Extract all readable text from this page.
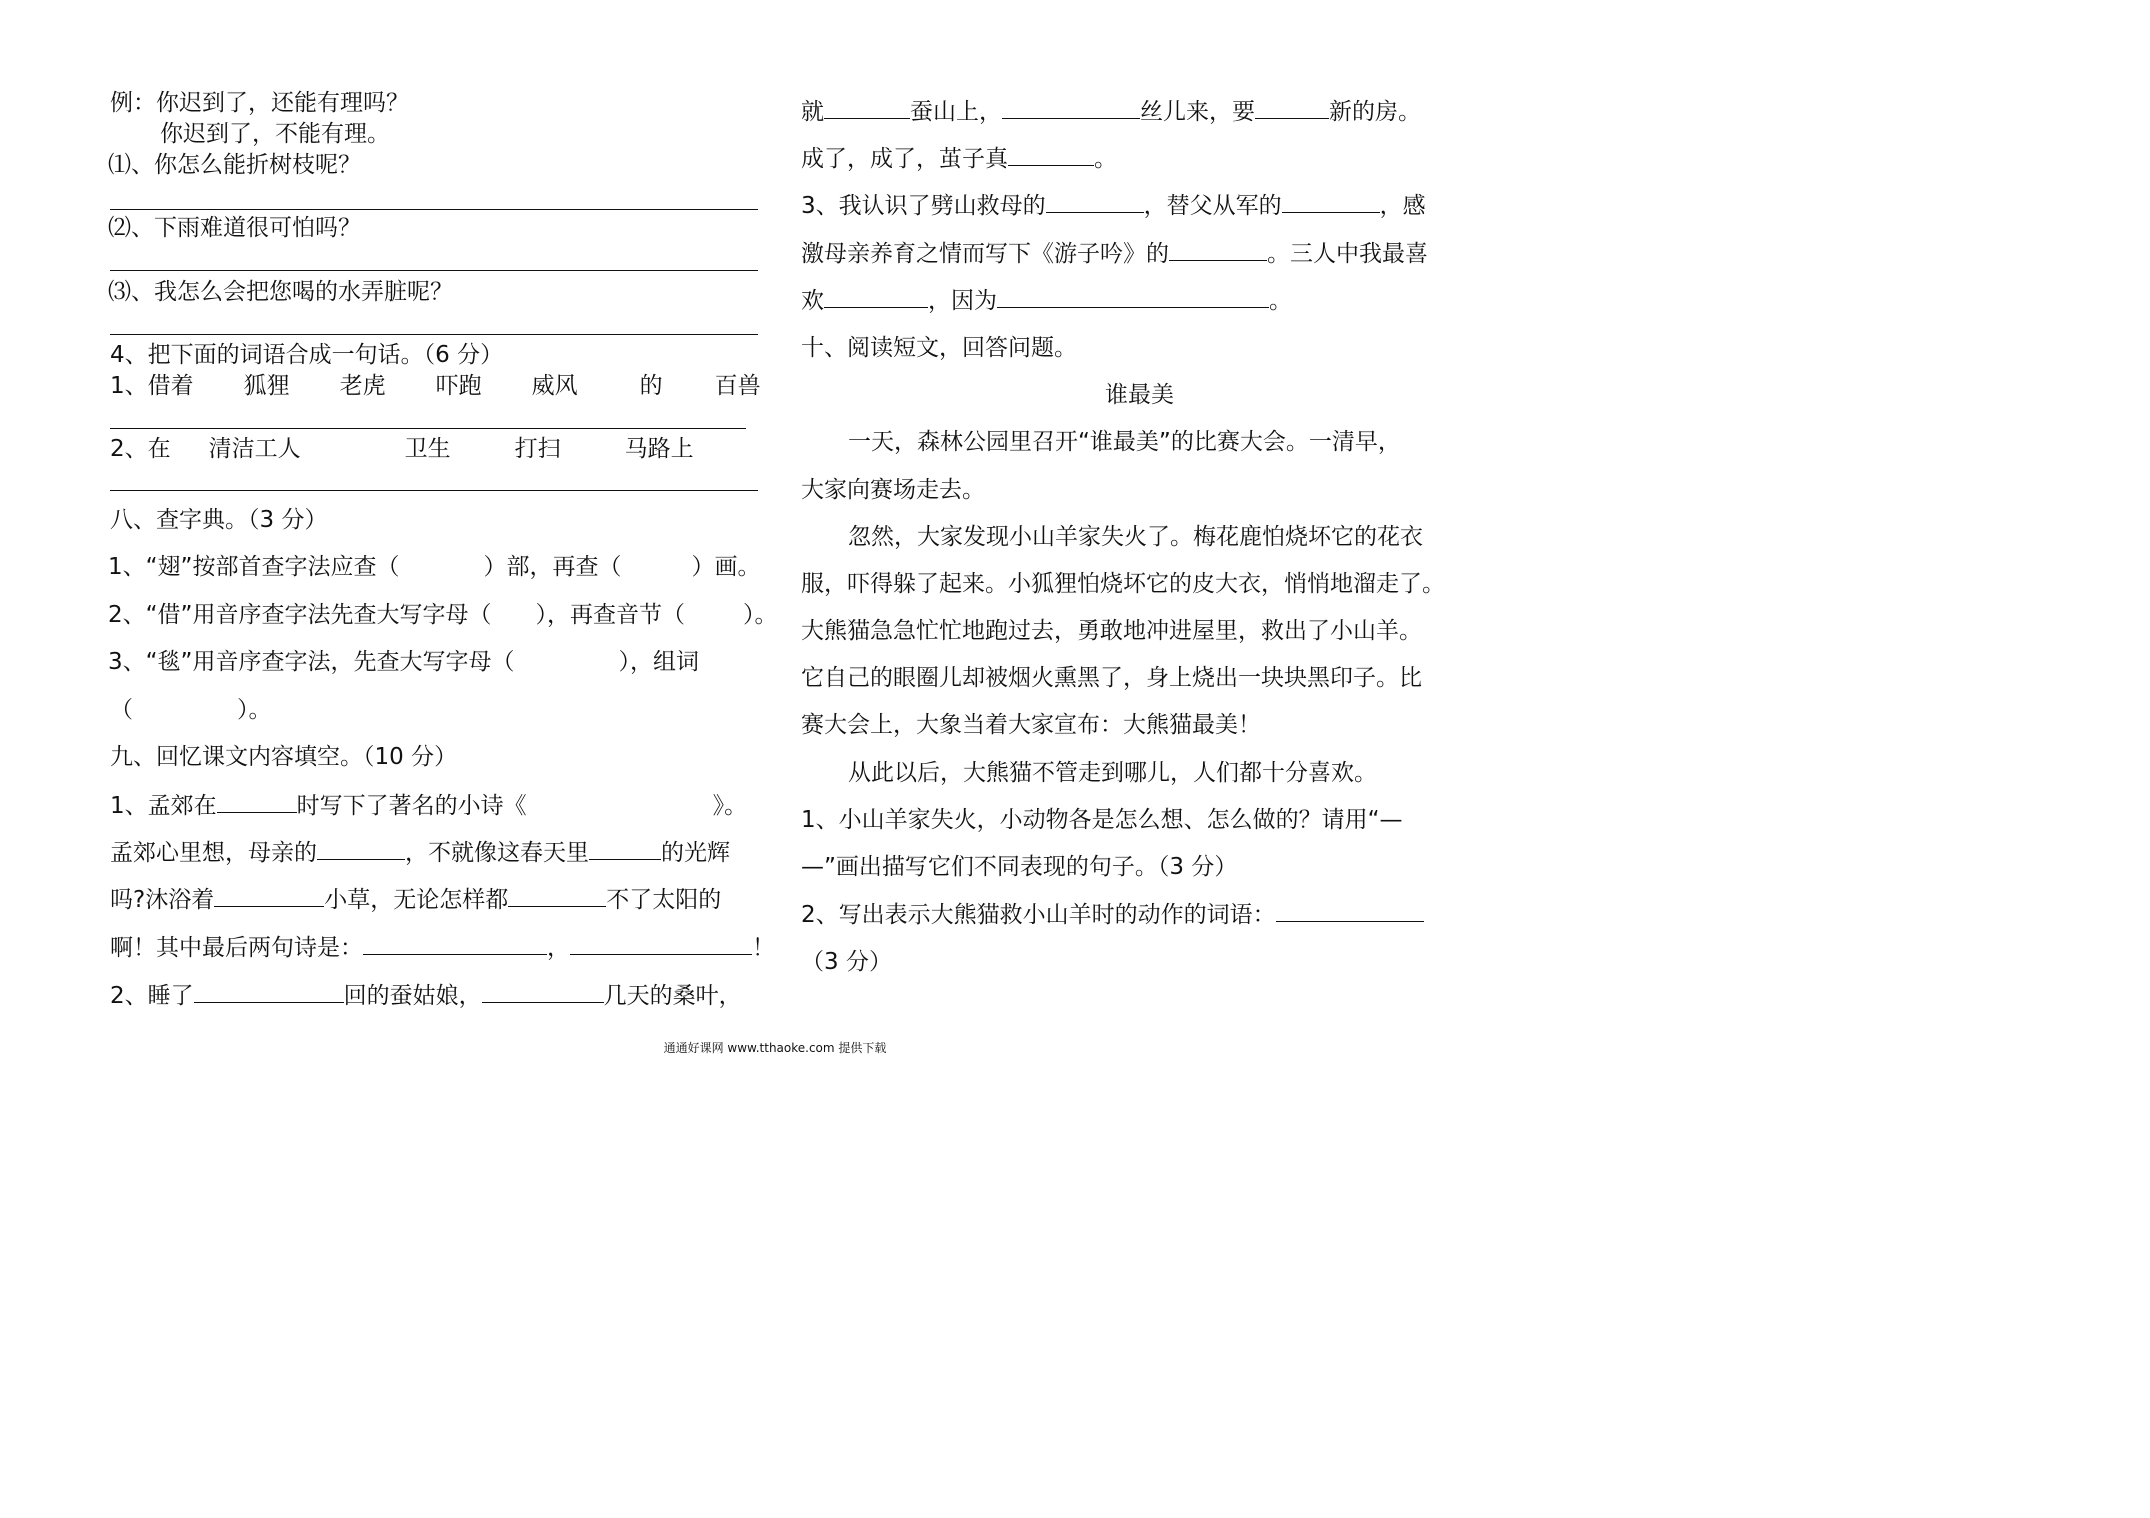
例：你迟到了，还能有理吗？
你迟到了，不能有理。
⑴、你怎么能折树枝呢？
⑵、下雨难道很可怕吗？
⑶、我怎么会把您喝的水弄脏呢？
4、把下面的词语合成一句话。（6 分）
1、借着 狐狸 老虎 吓跑 威风	的 百兽
2、在 清洁工人	卫生	打扫	马路上
八、查字典。（3 分）
1、“翅”按部首查字法应查（	）部，再查（	）画。
2、“借”用音序查字法先查大写字母（ ），再查音节（	）。
3、“毯”用音序查字法，先查大写字母（	），组词
（	）。
九、回忆课文内容填空。（10 分）
1、孟郊在	时写下了著名的小诗《	》。
孟郊心里想，母亲的	，不就像这春天里	的光辉
吗?沐浴着	小草，无论怎样都	不了太阳的
啊！其中最后两句诗是：	，	！
2、睡了	回的蚕姑娘，	几天的桑叶，
就	蚕山上，	丝儿来，要	新的房。
成了，成了，茧子真	。
3、我认识了劈山救母的	，替父从军的	，感
激母亲养育之情而写下《游子吟》的	。三人中我最喜
欢	，因为	。
十、阅读短文，回答问题。
谁最美
一天，森林公园里召开“谁最美”的比赛大会。一清早，
大家向赛场走去。
忽然，大家发现小山羊家失火了。梅花鹿怕烧坏它的花衣
服，吓得躲了起来。小狐狸怕烧坏它的皮大衣，悄悄地溜走了。
大熊猫急急忙忙地跑过去，勇敢地冲进屋里，救出了小山羊。
它自己的眼圈儿却被烟火熏黑了，身上烧出一块块黑印子。比
赛大会上，大象当着大家宣布：大熊猫最美！
从此以后，大熊猫不管走到哪儿，人们都十分喜欢。
1、小山羊家失火，小动物各是怎么想、怎么做的？请用“—
—”画出描写它们不同表现的句子。（3 分）
2、写出表示大熊猫救小山羊时的动作的词语：
（3 分）
通通好课网 www.tthaoke.com 提供下载
